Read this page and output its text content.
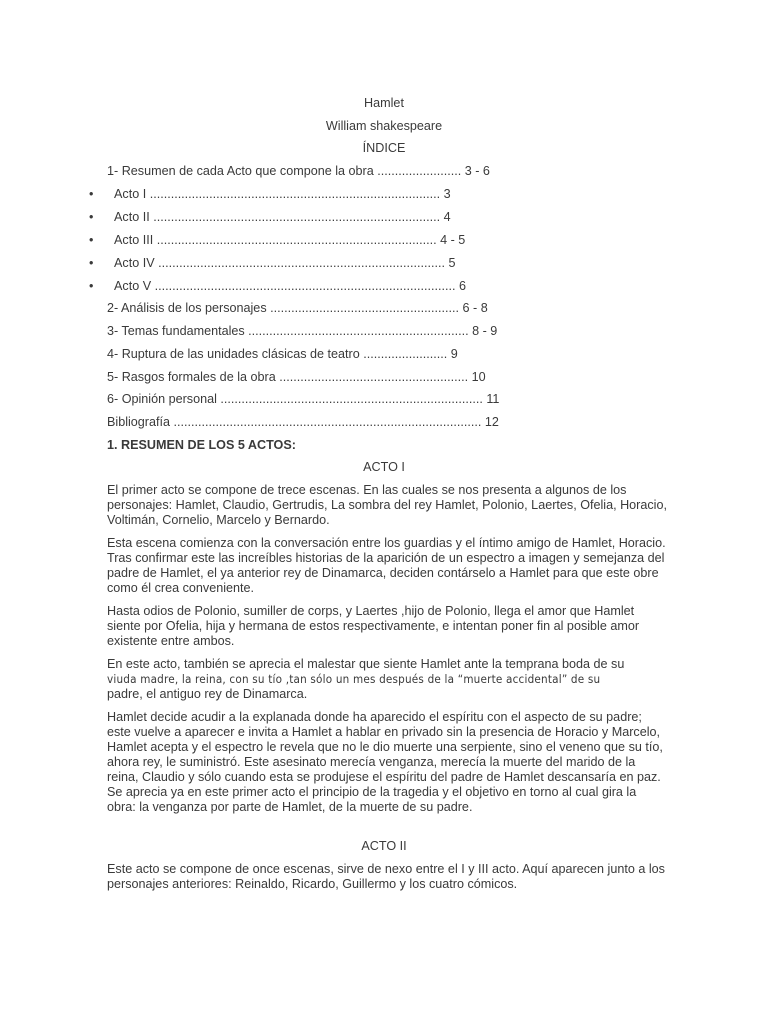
Hamlet
William shakespeare
ÍNDICE
1- Resumen de cada Acto que compone la obra ........................ 3 - 6
• Acto I ................................................................................... 3
• Acto II .................................................................................. 4
• Acto III ................................................................................ 4 - 5
• Acto IV .................................................................................. 5
• Acto V ...................................................................................... 6
2- Análisis de los personajes ...................................................... 6 - 8
3- Temas fundamentales ............................................................... 8 - 9
4- Ruptura de las unidades clásicas de teatro ........................ 9
5- Rasgos formales de la obra ...................................................... 10
6- Opinión personal ........................................................................... 11
Bibliografía ........................................................................................ 12
1. RESUMEN DE LOS 5 ACTOS:
ACTO I

El primer acto se compone de trece escenas. En las cuales se nos presenta a algunos de los personajes: Hamlet, Claudio, Gertrudis, La sombra del rey Hamlet, Polonio, Laertes, Ofelia, Horacio, Voltimán, Cornelio, Marcelo y Bernardo.

Esta escena comienza con la conversación entre los guardias y el íntimo amigo de Hamlet, Horacio. Tras confirmar este las increíbles historias de la aparición de un espectro a imagen y semejanza del padre de Hamlet, el ya anterior rey de Dinamarca, deciden contárselo a Hamlet para que este obre como él crea conveniente.

Hasta odios de Polonio, sumiller de corps, y Laertes ,hijo de Polonio, llega el amor que Hamlet siente por Ofelia, hija y hermana de estos respectivamente, e intentan poner fin al posible amor existente entre ambos.

En este acto, también se aprecia el malestar que siente Hamlet ante la temprana boda de su

viuda madre, la reina, con su tío ,tan sólo un mes después de la “muerte accidental” de su

padre, el antiguo rey de Dinamarca.

Hamlet decide acudir a la explanada donde ha aparecido el espíritu con el aspecto de su padre; este vuelve a aparecer e invita a Hamlet a hablar en privado sin la presencia de Horacio y Marcelo, Hamlet acepta y el espectro le revela que no le dio muerte una serpiente, sino el veneno que su tío, ahora rey, le suministró. Este asesinato merecía venganza, merecía la muerte del marido de la reina, Claudio y sólo cuando esta se produjese el espíritu del padre de Hamlet descansaría en paz. Se aprecia ya en este primer acto el principio de la tragedia y el objetivo en torno al cual gira la obra: la venganza por parte de Hamlet, de la muerte de su padre.

ACTO II

Este acto se compone de once escenas, sirve de nexo entre el I y III acto. Aquí aparecen junto a los personajes anteriores: Reinaldo, Ricardo, Guillermo y los cuatro cómicos.
